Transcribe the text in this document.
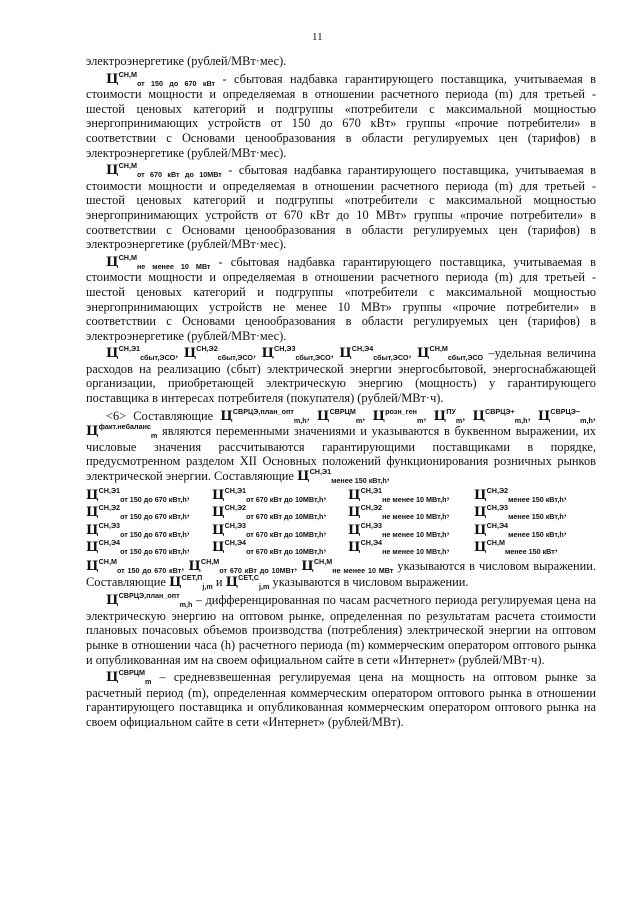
11

электроэнергетике (рублей/МВт·мес).

$Ц^{СН,М}_{от 150 до 670 кВт}$ - сбытовая надбавка гарантирующего поставщика, учитываемая в стоимости мощности и определяемая в отношении расчетного периода (m) для третьей - шестой ценовых категорий и подгруппы «потребители с максимальной мощностью энергопринимающих устройств от 150 до 670 кВт» группы «прочие потребители» в соответствии с Основами ценообразования в области регулируемых цен (тарифов) в электроэнергетике (рублей/МВт·мес).

$Ц^{СН,М}_{от 670 кВт до 10МВт}$ - сбытовая надбавка гарантирующего поставщика, учитываемая в стоимости мощности и определяемая в отношении расчетного периода (m) для третьей - шестой ценовых категорий и подгруппы «потребители с максимальной мощностью энергопринимающих устройств от 670 кВт до 10 МВт» группы «прочие потребители» в соответствии с Основами ценообразования в области регулируемых цен (тарифов) в электроэнергетике (рублей/МВт·мес).

$Ц^{СН,М}_{не менее 10 МВт}$ - сбытовая надбавка гарантирующего поставщика, учитываемая в стоимости мощности и определяемая в отношении расчетного периода (m) для третьей - шестой ценовых категорий и подгруппы «потребители с максимальной мощностью энергопринимающих устройств не менее 10 МВт» группы «прочие потребители» в соответствии с Основами ценообразования в области регулируемых цен (тарифов) в электроэнергетике (рублей/МВт·мес).

$Ц^{СН,Э1}_{сбыт,ЭСО}$, $Ц^{СН,Э2}_{сбыт,ЭСО}$, $Ц^{СН,Э3}_{сбыт,ЭСО}$, $Ц^{СН,Э4}_{сбыт,ЭСО}$, $Ц^{СН,М}_{сбыт,ЭСО}$ –удельная величина расходов на реализацию (сбыт) электрической энергии энергосбытовой, энергоснабжающей организации, приобретающей электрическую энергию (мощность) у гарантирующего поставщика в интересах потребителя (покупателя) (рублей/МВт·ч).

<6> Составляющие $Ц^{СВРЦЭ,план\_опт}_{m,h}$, $Ц^{СВРЦМ}_m$, $Ц^{розн\_ген}_m$, $Ц^{ПУ}_m$, $Ц^{СВРЦЭ+}_{m,h}$, $Ц^{СВРЦЭ-}_{m,h}$, $Ц^{факт.небаланс}_m$ являются переменными значениями и указываются в буквенном выражении, их числовые значения рассчитываются гарантирующими поставщиками в порядке, предусмотренном разделом XII Основных положений функционирования розничных рынков электрической энергии. Составляющие $Ц^{СН,Э1}_{менее 150 кВт,h}$,

$Ц^{СН,Э1}_{от 150 до 670 кВт,h}$,	$Ц^{СН,Э1}_{от 670 кВт до 10МВт,h}$,	$Ц^{СН,Э1}_{не менее 10 МВт,h}$,	$Ц^{СН,Э2}_{менее 150 кВт,h}$,
$Ц^{СН,Э2}_{от 150 до 670 кВт,h}$,	$Ц^{СН,Э2}_{от 670 кВт до 10МВт,h}$,	$Ц^{СН,Э2}_{не менее 10 МВт,h}$,	$Ц^{СН,Э3}_{менее 150 кВт,h}$,
$Ц^{СН,Э3}_{от 150 до 670 кВт,h}$,	$Ц^{СН,Э3}_{от 670 кВт до 10МВт,h}$,	$Ц^{СН,Э3}_{не менее 10 МВт,h}$,	$Ц^{СН,Э4}_{менее 150 кВт,h}$,
$Ц^{СН,Э4}_{от 150 до 670 кВт,h}$,	$Ц^{СН,Э4}_{от 670 кВт до 10МВт,h}$,	$Ц^{СН,Э4}_{не менее 10 МВт,h}$,	$Ц^{СН,М}_{менее 150 кВт}$,

$Ц^{СН,М}_{от 150 до 670 кВт}$, $Ц^{СН,М}_{от 670 кВт до 10МВт}$, $Ц^{СН,М}_{не менее 10 МВт}$ указываются в числовом выражении. Составляющие $Ц^{СЕТ,П}_{j,m}$ и $Ц^{СЕТ,С}_{j,m}$ указываются в числовом выражении.

$Ц^{СВРЦЭ,план\_опт}_{m,h}$ – дифференцированная по часам расчетного периода регулируемая цена на электрическую энергию на оптовом рынке, определенная по результатам расчета стоимости плановых почасовых объемов производства (потребления) электрической энергии на оптовом рынке в отношении часа (h) расчетного периода (m) коммерческим оператором оптового рынка и опубликованная им на своем официальном сайте в сети «Интернет» (рублей/МВт·ч).

$Ц^{СВРЦМ}_m$ – средневзвешенная регулируемая цена на мощность на оптовом рынке за расчетный период (m), определенная коммерческим оператором оптового рынка в отношении гарантирующего поставщика и опубликованная коммерческим оператором оптового рынка на своем официальном сайте в сети «Интернет» (рублей/МВт).
